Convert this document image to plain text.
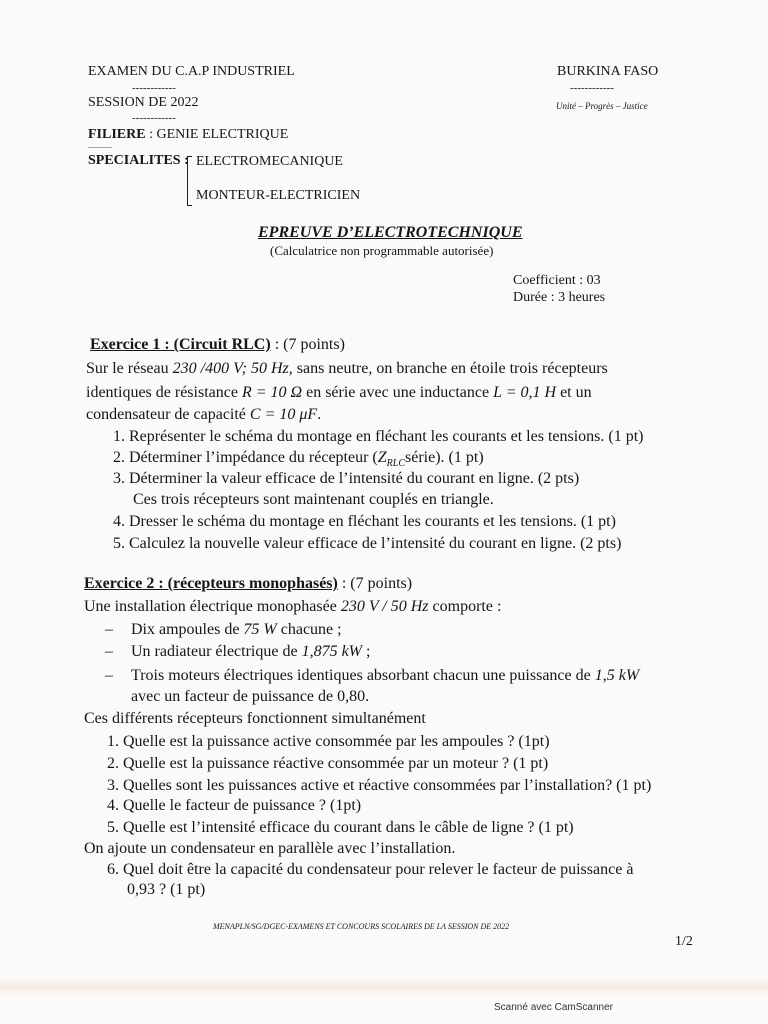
EXAMEN DU C.A.P INDUSTRIEL
------------
SESSION DE 2022
------------
FILIERE : GENIE ELECTRIQUE
............
SPECIALITES : ELECTROMECANIQUE
MONTEUR-ELECTRICIEN
BURKINA FASO
------------
Unité – Progrès – Justice
EPREUVE D’ELECTROTECHNIQUE
(Calculatrice non programmable autorisée)
Coefficient : 03
Durée : 3 heures
Exercice 1 : (Circuit RLC) : (7 points)
Sur le réseau 230 /400 V; 50 Hz, sans neutre, on branche en étoile trois récepteurs
identiques de résistance R = 10 Ω en série avec une inductance L = 0,1 H et un
condensateur de capacité C = 10 μF.
1. Représenter le schéma du montage en fléchant les courants et les tensions. (1 pt)
2. Déterminer l’impédance du récepteur $(Z_{RLC}série)$. (1 pt)
3. Déterminer la valeur efficace de l’intensité du courant en ligne. (2 pts)
Ces trois récepteurs sont maintenant couplés en triangle.
4. Dresser le schéma du montage en fléchant les courants et les tensions. (1 pt)
5. Calculez la nouvelle valeur efficace de l’intensité du courant en ligne. (2 pts)
Exercice 2 : (récepteurs monophasés) : (7 points)
Une installation électrique monophasée 230 V / 50 Hz comporte :
– Dix ampoules de 75 W chacune ;
– Un radiateur électrique de 1,875 kW ;
– Trois moteurs électriques identiques absorbant chacun une puissance de 1,5 kW
avec un facteur de puissance de 0,80.
Ces différents récepteurs fonctionnent simultanément
1. Quelle est la puissance active consommée par les ampoules ? (1pt)
2. Quelle est la puissance réactive consommée par un moteur ? (1 pt)
3. Quelles sont les puissances active et réactive consommées par l’installation? (1 pt)
4. Quelle le facteur de puissance ? (1pt)
5. Quelle est l’intensité efficace du courant dans le câble de ligne ? (1 pt)
On ajoute un condensateur en parallèle avec l’installation.
6. Quel doit être la capacité du condensateur pour relever le facteur de puissance à
0,93 ? (1 pt)
MENAPLN/SG/DGEC-EXAMENS ET CONCOURS SCOLAIRES DE LA SESSION DE 2022
1/2
Scanné avec CamScanner
